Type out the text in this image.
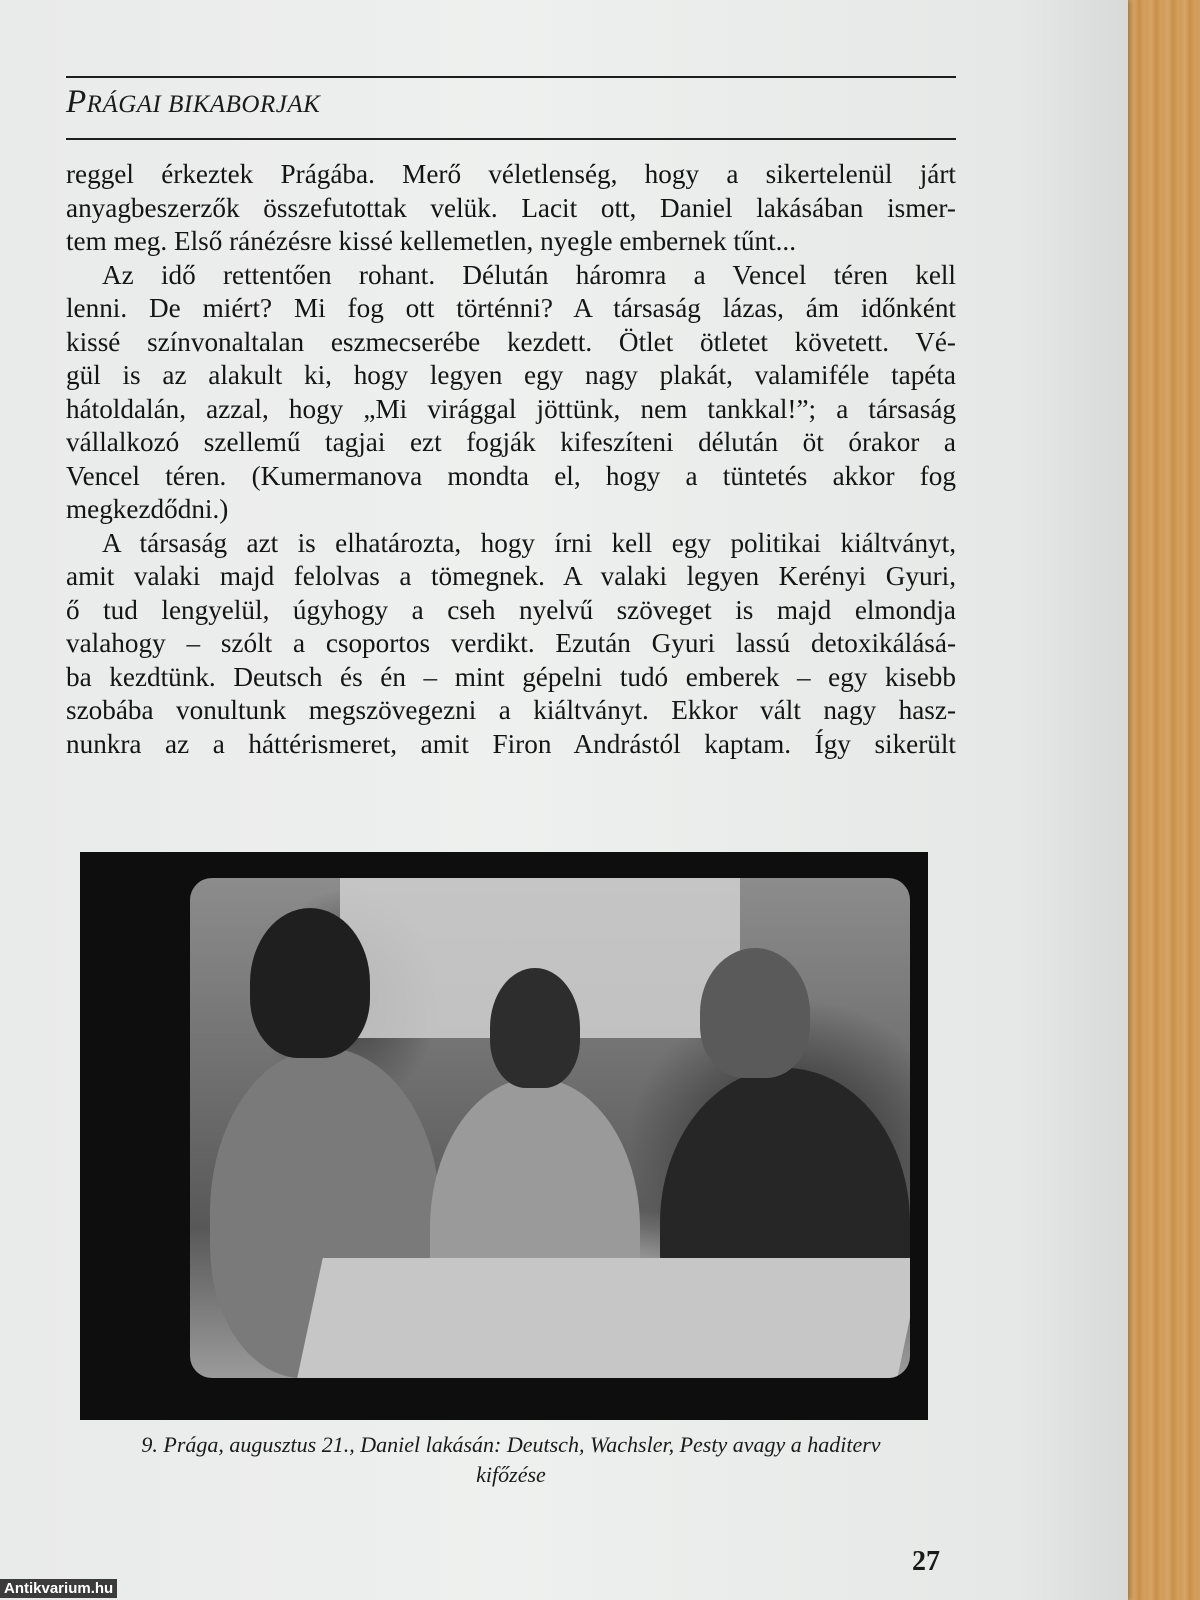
PRÁGAI BIKABORJAK
reggel érkeztek Prágába. Merő véletlenség, hogy a sikertelenül járt
anyagbeszerzők összefutottak velük. Lacit ott, Daniel lakásában ismer-
tem meg. Első ránézésre kissé kellemetlen, nyegle embernek tűnt...
Az idő rettentően rohant. Délután háromra a Vencel téren kell
lenni. De miért? Mi fog ott történni? A társaság lázas, ám időnként
kissé színvonaltalan eszmecserébe kezdett. Ötlet ötletet követett. Vé-
gül is az alakult ki, hogy legyen egy nagy plakát, valamiféle tapéta
hátoldalán, azzal, hogy „Mi virággal jöttünk, nem tankkal!”; a társaság
vállalkozó szellemű tagjai ezt fogják kifeszíteni délután öt órakor a
Vencel téren. (Kumermanova mondta el, hogy a tüntetés akkor fog
megkezdődni.)
A társaság azt is elhatározta, hogy írni kell egy politikai kiáltványt,
amit valaki majd felolvas a tömegnek. A valaki legyen Kerényi Gyuri,
ő tud lengyelül, úgyhogy a cseh nyelvű szöveget is majd elmondja
valahogy – szólt a csoportos verdikt. Ezután Gyuri lassú detoxikálásá-
ba kezdtünk. Deutsch és én – mint gépelni tudó emberek – egy kisebb
szobába vonultunk megszövegezni a kiáltványt. Ekkor vált nagy hasz-
nunkra az a háttérismeret, amit Firon Andrástól kaptam. Így sikerült
9. Prága, augusztus 21., Daniel lakásán: Deutsch, Wachsler, Pesty avagy a haditerv
kifőzése
27
Antikvarium.hu
